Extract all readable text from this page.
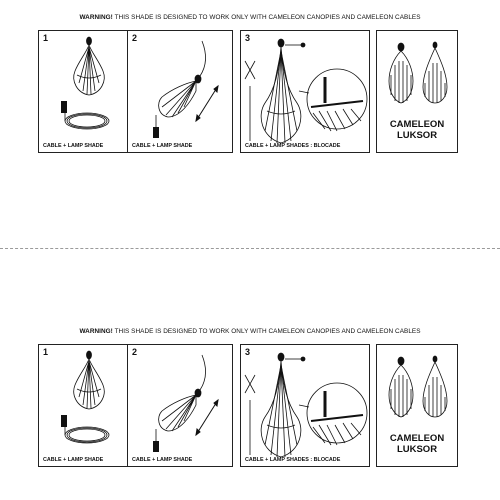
WARNING! THIS SHADE IS DESIGNED TO WORK ONLY WITH CAMELEON CANOPIES AND CAMELEON CABLES
1
CABLE + LAMP SHADE
2
CABLE + LAMP SHADE
3
CABLE + LAMP SHADES : BLOCADE
CAMELEON
LUKSOR
WARNING! THIS SHADE IS DESIGNED TO WORK ONLY WITH CAMELEON CANOPIES AND CAMELEON CABLES
1
CABLE + LAMP SHADE
2
CABLE + LAMP SHADE
3
CABLE + LAMP SHADES : BLOCADE
CAMELEON
LUKSOR
